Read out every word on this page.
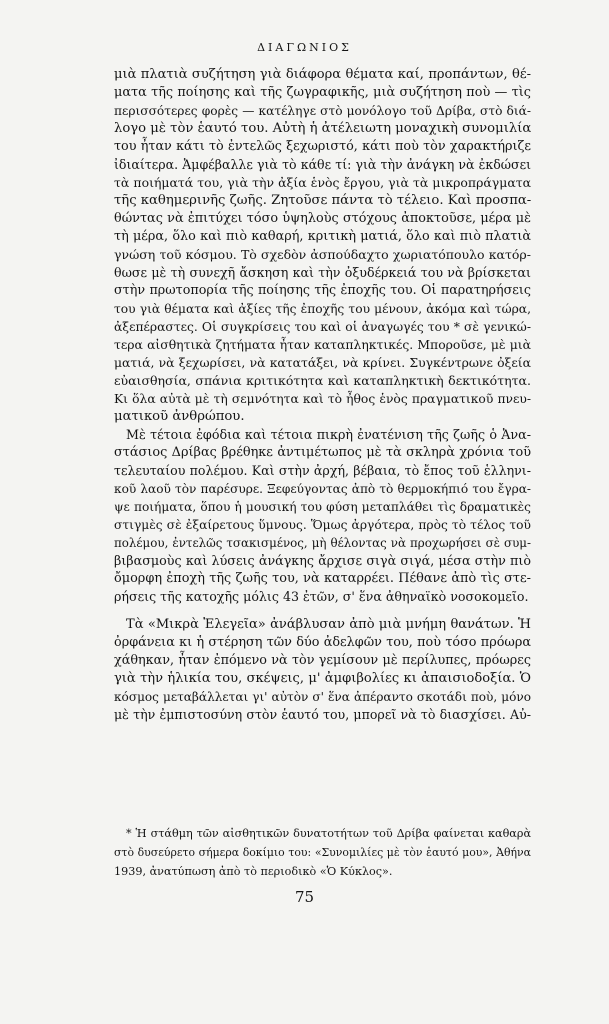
ΔΙΑΓΩΝΙΟΣ
μιὰ πλατιὰ συζήτηση γιὰ διάφορα θέματα καί, προπάντων, θέ-
ματα τῆς ποίησης καὶ τῆς ζωγραφικῆς, μιὰ συζήτηση ποὺ — τὶς
περισσότερες φορὲς — κατέληγε στὸ μονόλογο τοῦ Δρίβα, στὸ διά-
λογο μὲ τὸν ἑαυτό του. Αὐτὴ ἡ ἀτέλειωτη μοναχικὴ συνομιλία
του ἦταν κάτι τὸ ἐντελῶς ξεχωριστό, κάτι ποὺ τὸν χαρακτήριζε
ἰδιαίτερα. Ἀμφέβαλλε γιὰ τὸ κάθε τί: γιὰ τὴν ἀνάγκη νὰ ἐκδώσει
τὰ ποιήματά του, γιὰ τὴν ἀξία ἑνὸς ἔργου, γιὰ τὰ μικροπράγματα
τῆς καθημερινῆς ζωῆς. Ζητοῦσε πάντα τὸ τέλειο. Καὶ προσπα-
θώντας νὰ ἐπιτύχει τόσο ὑψηλοὺς στόχους ἀποκτοῦσε, μέρα μὲ
τὴ μέρα, ὅλο καὶ πιὸ καθαρή, κριτικὴ ματιά, ὅλο καὶ πιὸ πλατιὰ
γνώση τοῦ κόσμου. Τὸ σχεδὸν ἀσπούδαχτο χωριατόπουλο κατόρ-
θωσε μὲ τὴ συνεχῆ ἄσκηση καὶ τὴν ὀξυδέρκειά του νὰ βρίσκεται
στὴν πρωτοπορία τῆς ποίησης τῆς ἐποχῆς του. Οἱ παρατηρήσεις
του γιὰ θέματα καὶ ἀξίες τῆς ἐποχῆς του μένουν, ἀκόμα καὶ τώρα,
ἀξεπέραστες. Οἱ συγκρίσεις του καὶ οἱ ἀναγωγές του * σὲ γενικώ-
τερα αἰσθητικὰ ζητήματα ἦταν καταπληκτικές. Μποροῦσε, μὲ μιὰ
ματιά, νὰ ξεχωρίσει, νὰ κατατάξει, νὰ κρίνει. Συγκέντρωνε ὀξεία
εὐαισθησία, σπάνια κριτικότητα καὶ καταπληκτικὴ δεκτικότητα.
Κι ὅλα αὐτὰ μὲ τὴ σεμνότητα καὶ τὸ ἦθος ἑνὸς πραγματικοῦ πνευ-
ματικοῦ ἀνθρώπου.
Μὲ τέτοια ἐφόδια καὶ τέτοια πικρὴ ἐνατένιση τῆς ζωῆς ὁ Ἀνα-
στάσιος Δρίβας βρέθηκε ἀντιμέτωπος μὲ τὰ σκληρὰ χρόνια τοῦ
τελευταίου πολέμου. Καὶ στὴν ἀρχή, βέβαια, τὸ ἔπος τοῦ ἑλληνι-
κοῦ λαοῦ τὸν παρέσυρε. Ξεφεύγοντας ἀπὸ τὸ θερμοκήπιό του ἔγρα-
ψε ποιήματα, ὅπου ἡ μουσική του φύση μεταπλάθει τὶς δραματικὲς
στιγμὲς σὲ ἐξαίρετους ὕμνους. Ὅμως ἀργότερα, πρὸς τὸ τέλος τοῦ
πολέμου, ἐντελῶς τσακισμένος, μὴ θέλοντας νὰ προχωρήσει σὲ συμ-
βιβασμοὺς καὶ λύσεις ἀνάγκης ἄρχισε σιγὰ σιγά, μέσα στὴν πιὸ
ὄμορφη ἐποχὴ τῆς ζωῆς του, νὰ καταρρέει. Πέθανε ἀπὸ τὶς στε-
ρήσεις τῆς κατοχῆς μόλις 43 ἐτῶν, σ' ἕνα ἀθηναϊκὸ νοσοκομεῖο.
Τὰ «Μικρὰ Ἐλεγεῖα» ἀνάβλυσαν ἀπὸ μιὰ μνήμη θανάτων. Ἡ
ὀρφάνεια κι ἡ στέρηση τῶν δύο ἀδελφῶν του, ποὺ τόσο πρόωρα
χάθηκαν, ἦταν ἐπόμενο νὰ τὸν γεμίσουν μὲ περίλυπες, πρόωρες
γιὰ τὴν ἡλικία του, σκέψεις, μ' ἀμφιβολίες κι ἀπαισιοδοξία. Ὁ
κόσμος μεταβάλλεται γι' αὐτὸν σ' ἕνα ἀπέραντο σκοτάδι ποὺ, μόνο
μὲ τὴν ἐμπιστοσύνη στὸν ἑαυτό του, μπορεῖ νὰ τὸ διασχίσει. Αὐ-
* Ἡ στάθμη τῶν αἰσθητικῶν δυνατοτήτων τοῦ Δρίβα φαίνεται καθαρὰ
στὸ δυσεύρετο σήμερα δοκίμιο του: «Συνομιλίες μὲ τὸν ἑαυτό μου», Ἀθήνα
1939, ἀνατύπωση ἀπὸ τὸ περιοδικὸ «Ὁ Κύκλος».
75
